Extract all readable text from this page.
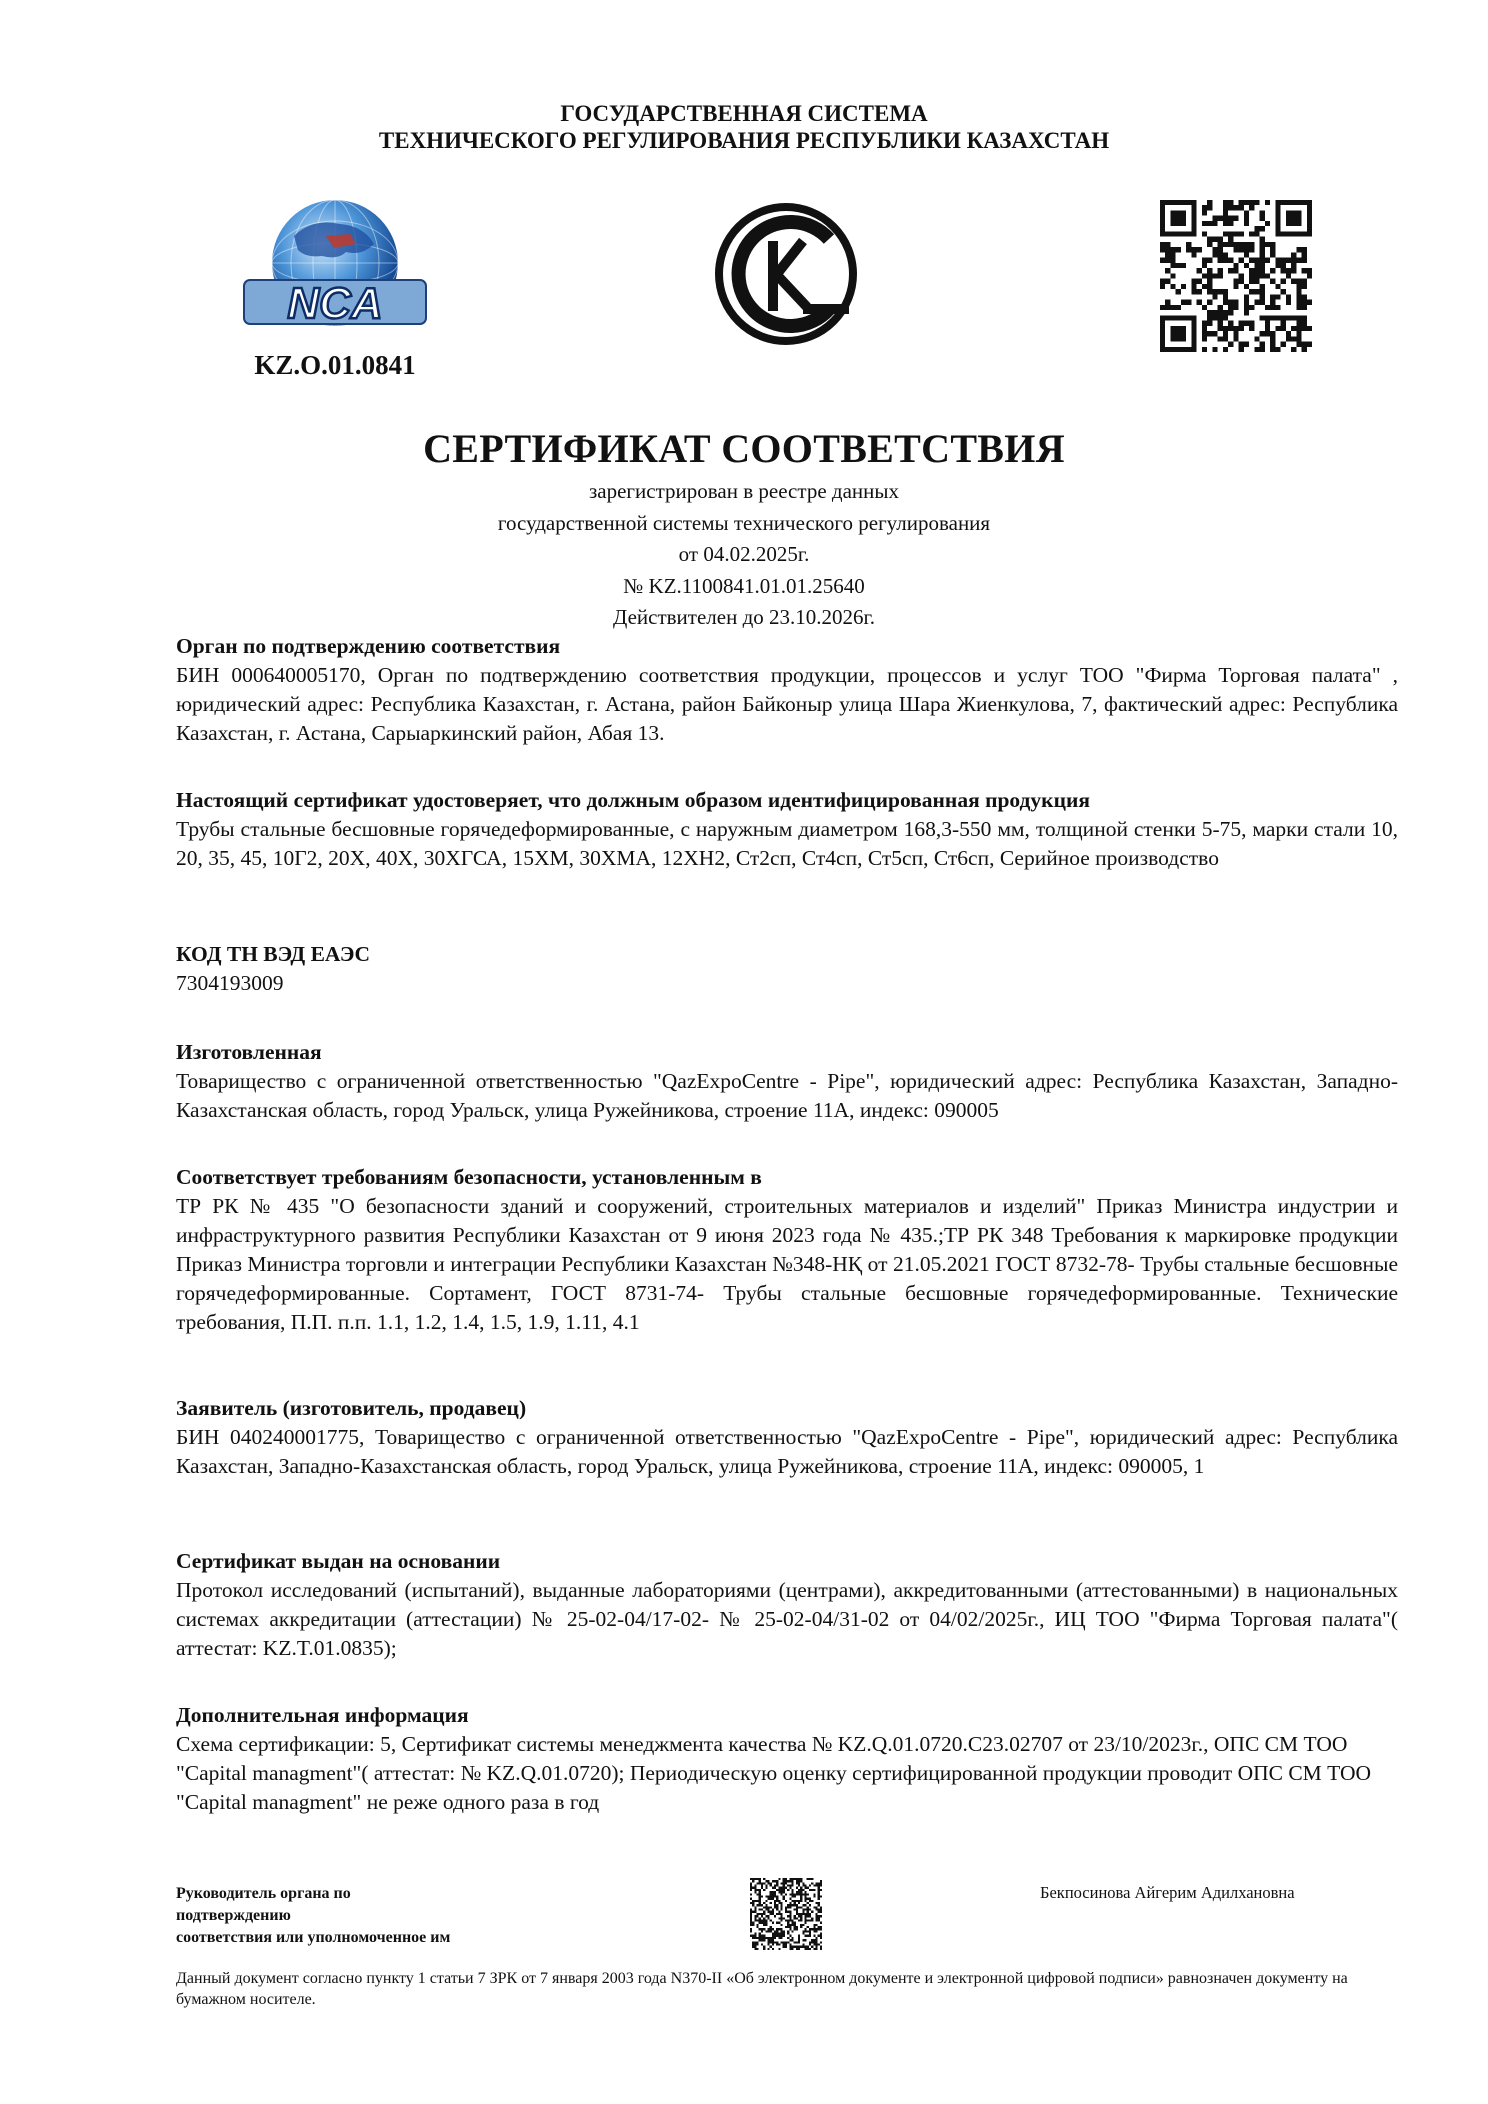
ГОСУДАРСТВЕННАЯ СИСТЕМА
ТЕХНИЧЕСКОГО РЕГУЛИРОВАНИЯ РЕСПУБЛИКИ КАЗАХСТАН
NCA
KZ.O.01.0841
СЕРТИФИКАТ СООТВЕТСТВИЯ
зарегистрирован в реестре данных
государственной системы технического регулирования
от 04.02.2025г.
№ KZ.1100841.01.01.25640
Действителен до 23.10.2026г.
Орган по подтверждению соответствия
БИН 000640005170, Орган по подтверждению соответствия продукции, процессов и услуг ТОО "Фирма Торговая палата" , юридический адрес: Республика Казахстан, г. Астана, район Байконыр улица Шара Жиенкулова, 7, фактический адрес: Республика Казахстан, г. Астана, Сарыаркинский район, Абая 13.
Настоящий сертификат удостоверяет, что должным образом идентифицированная продукция
Трубы стальные бесшовные горячедеформированные, с наружным диаметром 168,3-550 мм, толщиной стенки 5-75, марки стали 10, 20, 35, 45, 10Г2, 20Х, 40Х, 30ХГСА, 15ХМ, 30ХМА, 12ХН2, Ст2сп, Ст4сп, Ст5сп, Ст6сп, Серийное производство
КОД ТН ВЭД ЕАЭС
7304193009
Изготовленная
Товарищество с ограниченной ответственностью "QazExpoCentre - Pipe", юридический адрес: Республика Казахстан, Западно-Казахстанская область, город Уральск, улица Ружейникова, строение 11А, индекс: 090005
Соответствует требованиям безопасности, установленным в
ТР РК № 435 "О безопасности зданий и сооружений, строительных материалов и изделий" Приказ Министра индустрии и инфраструктурного развития Республики Казахстан от 9 июня 2023 года № 435.;ТР РК 348 Требования к маркировке продукции Приказ Министра торговли и интеграции Республики Казахстан №348-НҚ от 21.05.2021 ГОСТ 8732-78- Трубы стальные бесшовные горячедеформированные. Сортамент, ГОСТ 8731-74- Трубы стальные бесшовные горячедеформированные. Технические требования, П.П. п.п. 1.1, 1.2, 1.4, 1.5, 1.9, 1.11, 4.1
Заявитель (изготовитель, продавец)
БИН 040240001775, Товарищество с ограниченной ответственностью "QazExpoCentre - Pipe", юридический адрес: Республика Казахстан, Западно-Казахстанская область, город Уральск, улица Ружейникова, строение 11А, индекс: 090005, 1
Сертификат выдан на основании
Протокол исследований (испытаний), выданные лабораториями (центрами), аккредитованными (аттестованными) в национальных системах аккредитации (аттестации) № 25-02-04/17-02- № 25-02-04/31-02 от 04/02/2025г., ИЦ ТОО "Фирма Торговая палата"( аттестат: KZ.T.01.0835);
Дополнительная информация
Схема сертификации: 5, Сертификат системы менеджмента качества № KZ.Q.01.0720.C23.02707 от 23/10/2023г., ОПС СМ ТОО "Capital managment"( аттестат: № KZ.Q.01.0720); Периодическую оценку сертифицированной продукции проводит ОПС СМ ТОО "Capital managment" не реже одного раза в год
Руководитель органа по
подтверждению
соответствия или уполномоченное им
Бекпосинова Айгерим Адилхановна
Данный документ согласно пункту 1 статьи 7 ЗРК от 7 января 2003 года N370-II «Об электронном документе и электронной цифровой подписи» равнозначен документу на бумажном носителе.
